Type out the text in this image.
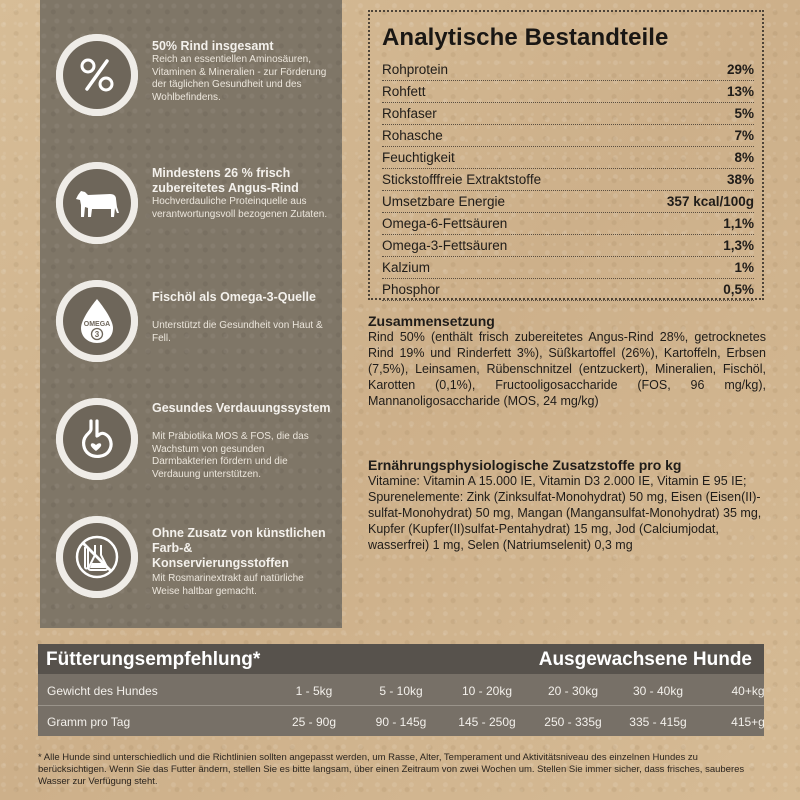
50% Rind insgesamt
Reich an essentiellen Aminosäuren, Vitaminen & Mineralien - zur Förderung der täglichen Gesundheit und des Wohlbefindens.
Mindestens 26 % frisch zubereitetes Angus-Rind
Hochverdauliche Proteinquelle aus verantwortungsvoll bezogenen Zutaten.
OMEGA
3
Fischöl als Omega-3-Quelle
Unterstützt die Gesundheit von Haut & Fell.
Gesundes Verdauungssystem
Mit Präbiotika MOS & FOS, die das Wachstum von gesunden Darmbakterien fördern und die Verdauung unterstützen.
Ohne Zusatz von künstlichen Farb-& Konservierungsstoffen
Mit Rosmarinextrakt auf natürliche Weise haltbar gemacht.
Analytische Bestandteile
Rohprotein	29%
Rohfett	13%
Rohfaser	5%
Rohasche	7%
Feuchtigkeit	8%
Stickstofffreie Extraktstoffe	38%
Umsetzbare Energie	357 kcal/100g
Omega-6-Fettsäuren	1,1%
Omega-3-Fettsäuren	1,3%
Kalzium	1%
Phosphor	0,5%
Zusammensetzung
Rind 50% (enthält frisch zubereitetes Angus-Rind 28%, getrocknetes Rind 19% und Rinderfett 3%), Süßkartoffel (26%), Kartoffeln, Erbsen (7,5%), Leinsamen, Rübenschnitzel (entzuckert), Mineralien, Fischöl, Karotten (0,1%), Fructooligosaccharide (FOS, 96 mg/kg), Mannanoligosaccharide (MOS, 24 mg/kg)
Ernährungsphysiologische Zusatzstoffe pro kg
Vitamine: Vitamin A 15.000 IE, Vitamin D3 2.000 IE, Vitamin E 95 IE; Spurenelemente: Zink (Zinksulfat-Monohydrat) 50 mg, Eisen (Eisen(II)-sulfat-Monohydrat) 50 mg, Mangan (Mangansulfat-Monohydrat) 35 mg, Kupfer (Kupfer(II)sulfat-Pentahydrat) 15 mg, Jod (Calciumjodat, wasserfrei) 1 mg, Selen (Natriumselenit) 0,3 mg
Fütterungsempfehlung*	Ausgewachsene Hunde
Gewicht des Hundes	1 - 5kg	5 - 10kg	10 - 20kg	20 - 30kg	30 - 40kg	40+kg
Gramm pro Tag	25 - 90g	90 - 145g	145 - 250g	250 - 335g	335 - 415g	415+g
* Alle Hunde sind unterschiedlich und die Richtlinien sollten angepasst werden, um Rasse, Alter, Temperament und Aktivitätsniveau des einzelnen Hundes zu berücksichtigen. Wenn Sie das Futter ändern, stellen Sie es bitte langsam, über einen Zeitraum von zwei Wochen um. Stellen Sie immer sicher, dass frisches, sauberes Wasser zur Verfügung steht.
